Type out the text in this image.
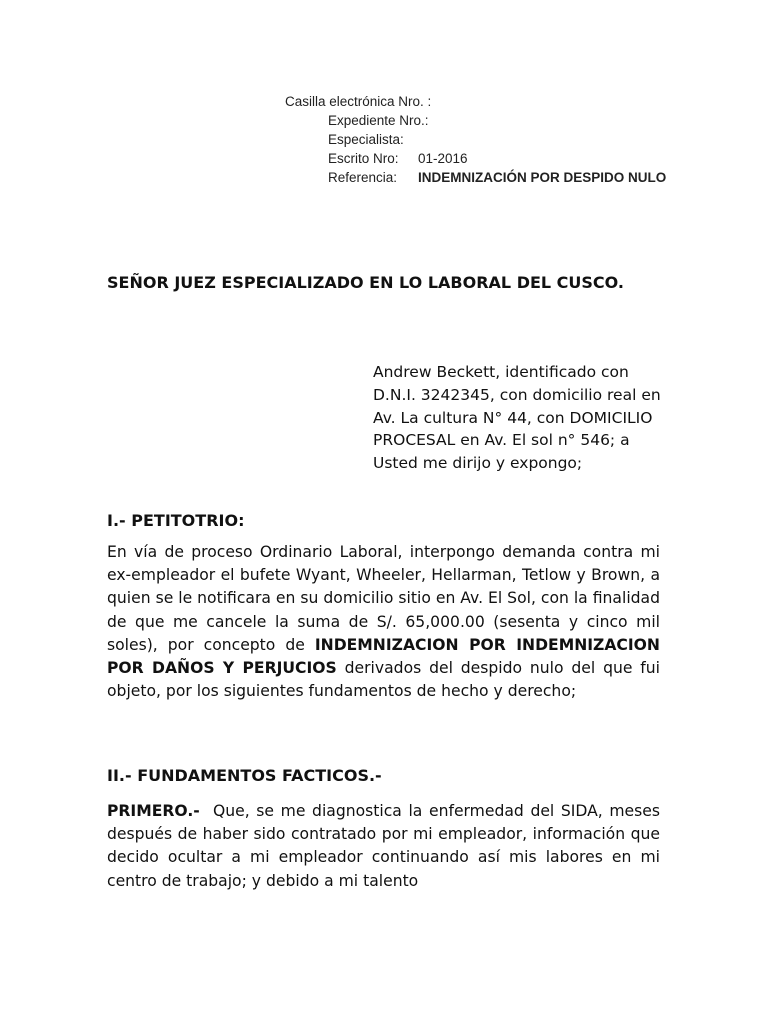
Casilla electrónica Nro. :
Expediente Nro.:
Especialista:
Escrito Nro:	01-2016
Referencia:	INDEMNIZACIÓN POR DESPIDO NULO
SEÑOR JUEZ ESPECIALIZADO EN LO LABORAL DEL CUSCO.

Andrew Beckett, identificado con D.N.I. 3242345, con domicilio real en Av. La cultura N° 44, con DOMICILIO PROCESAL en Av. El sol n° 546; a Usted me dirijo y expongo;

I.- PETITOTRIO:

En vía de proceso Ordinario Laboral, interpongo demanda contra mi ex-empleador el bufete Wyant, Wheeler, Hellarman, Tetlow y Brown, a quien se le notificara en su domicilio sitio en Av. El Sol, con la finalidad de que me cancele la suma de S/. 65,000.00 (sesenta y cinco mil soles), por concepto de INDEMNIZACION POR INDEMNIZACION POR DAÑOS Y PERJUCIOS derivados del despido nulo del que fui objeto, por los siguientes fundamentos de hecho y derecho;

II.- FUNDAMENTOS FACTICOS.-

PRIMERO.-  Que, se me diagnostica la enfermedad del SIDA, meses después de haber sido contratado por mi empleador, información que decido ocultar a mi empleador continuando así mis labores en mi centro de trabajo; y debido a mi talento
